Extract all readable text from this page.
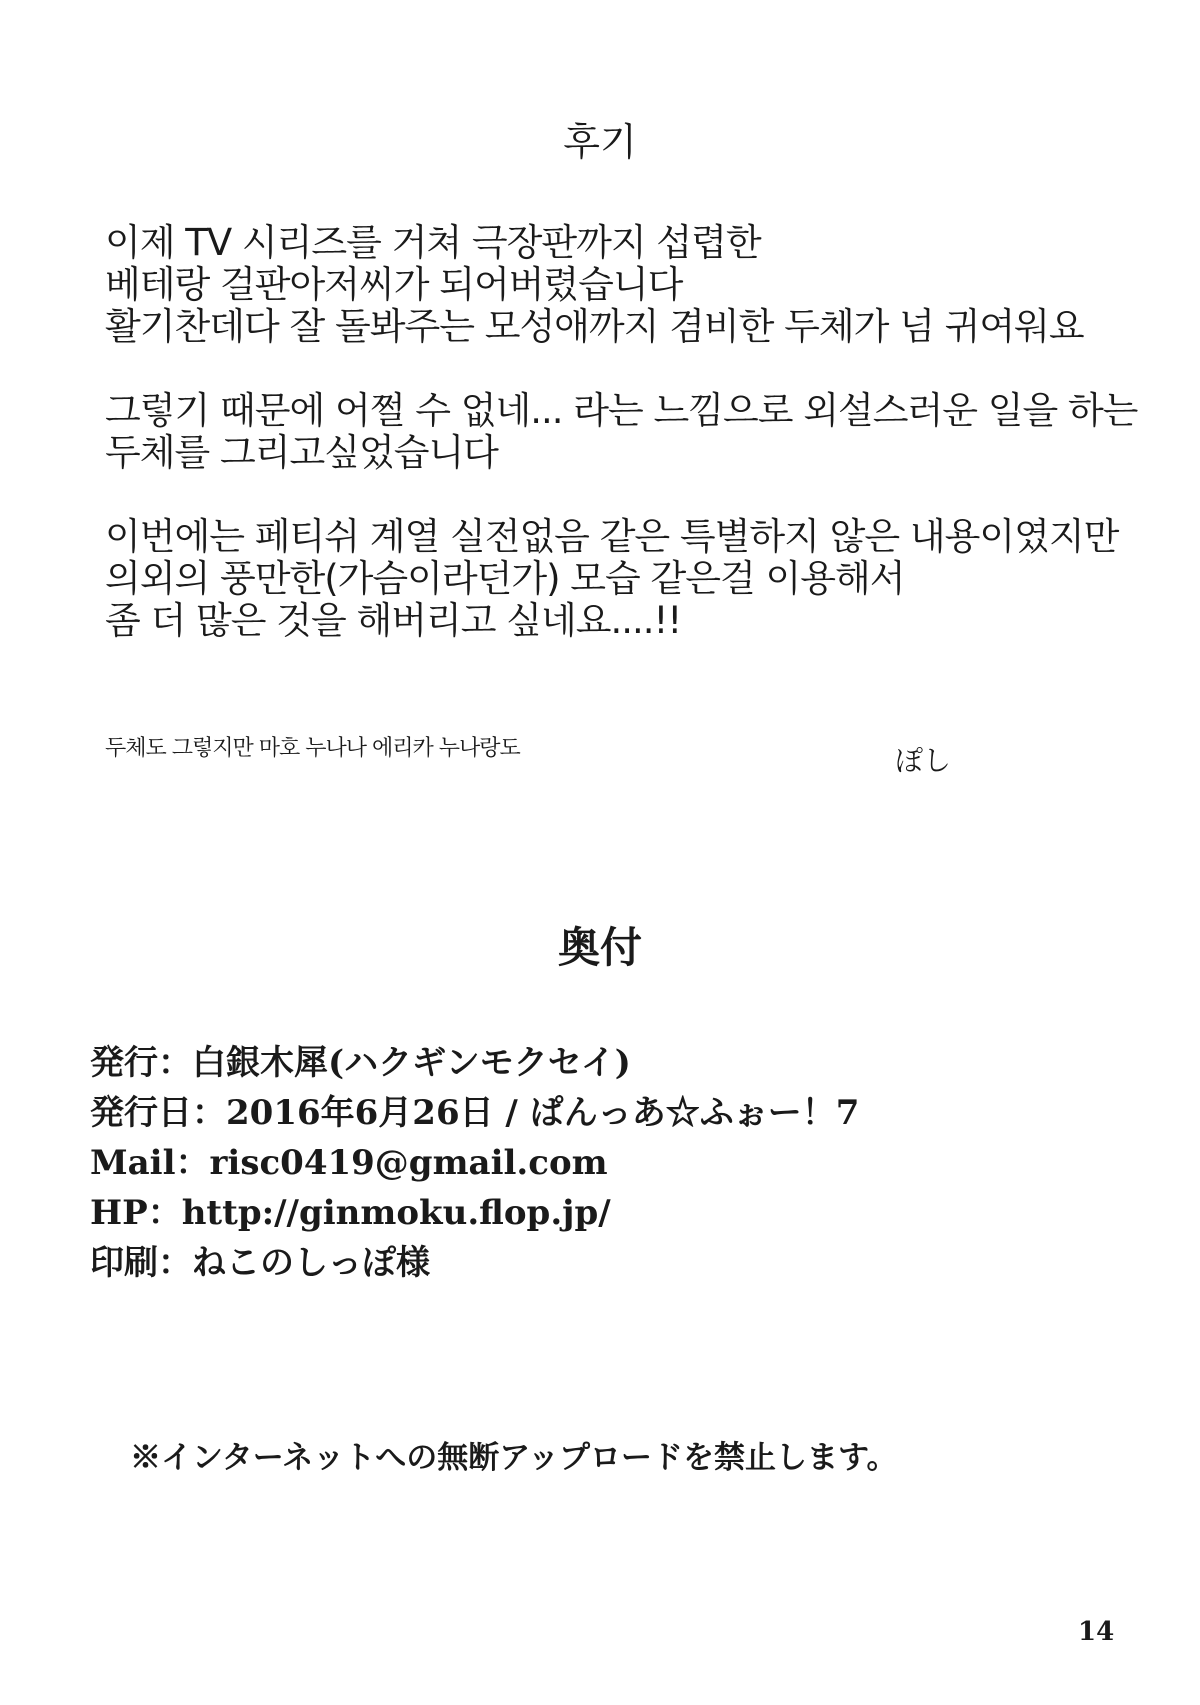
후기
이제 TV 시리즈를 거쳐 극장판까지 섭렵한
베테랑 걸판아저씨가 되어버렸습니다
활기찬데다 잘 돌봐주는 모성애까지 겸비한 두체가 넘 귀여워요
그렇기 때문에 어쩔 수 없네... 라는 느낌으로 외설스러운 일을 하는
두체를 그리고싶었습니다
이번에는 페티쉬 계열 실전없음 같은 특별하지 않은 내용이였지만
의외의 풍만한(가슴이라던가) 모습 같은걸 이용해서
좀 더 많은 것을 해버리고 싶네요....!!
두체도 그렇지만 마호 누나나 에리카 누나랑도	ぽし
奥付
発行：白銀木犀(ハクギンモクセイ)
発行日：2016年6月26日 / ぱんっあ☆ふぉー！7
Mail：risc0419@gmail.com
HP：http://ginmoku.flop.jp/
印刷：ねこのしっぽ様
※インターネットへの無断アップロードを禁止します。
14
